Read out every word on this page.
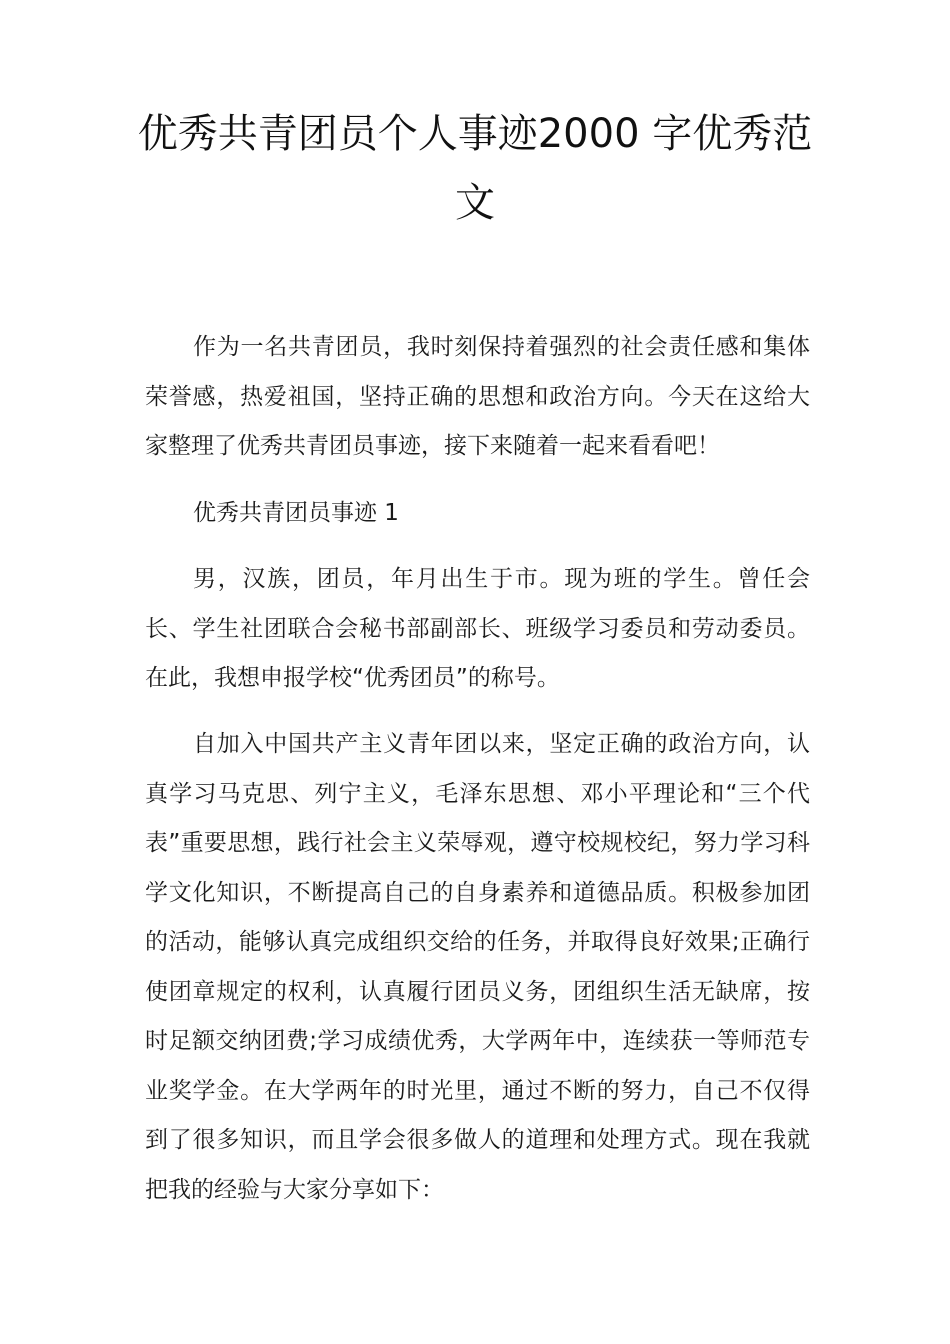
优秀共青团员个人事迹2000 字优秀范文

作为一名共青团员，我时刻保持着强烈的社会责任感和集体荣誉感，热爱祖国，坚持正确的思想和政治方向。今天在这给大家整理了优秀共青团员事迹，接下来随着一起来看看吧！

优秀共青团员事迹 1

男，汉族，团员，年月出生于市。现为班的学生。曾任会长、学生社团联合会秘书部副部长、班级学习委员和劳动委员。在此，我想申报学校“优秀团员”的称号。

自加入中国共产主义青年团以来，坚定正确的政治方向，认真学习马克思、列宁主义，毛泽东思想、邓小平理论和“三个代表”重要思想，践行社会主义荣辱观，遵守校规校纪，努力学习科学文化知识，不断提高自己的自身素养和道德品质。积极参加团的活动，能够认真完成组织交给的任务，并取得良好效果;正确行使团章规定的权利，认真履行团员义务，团组织生活无缺席，按时足额交纳团费;学习成绩优秀，大学两年中，连续获一等师范专业奖学金。在大学两年的时光里，通过不断的努力，自己不仅得到了很多知识，而且学会很多做人的道理和处理方式。现在我就把我的经验与大家分享如下：
